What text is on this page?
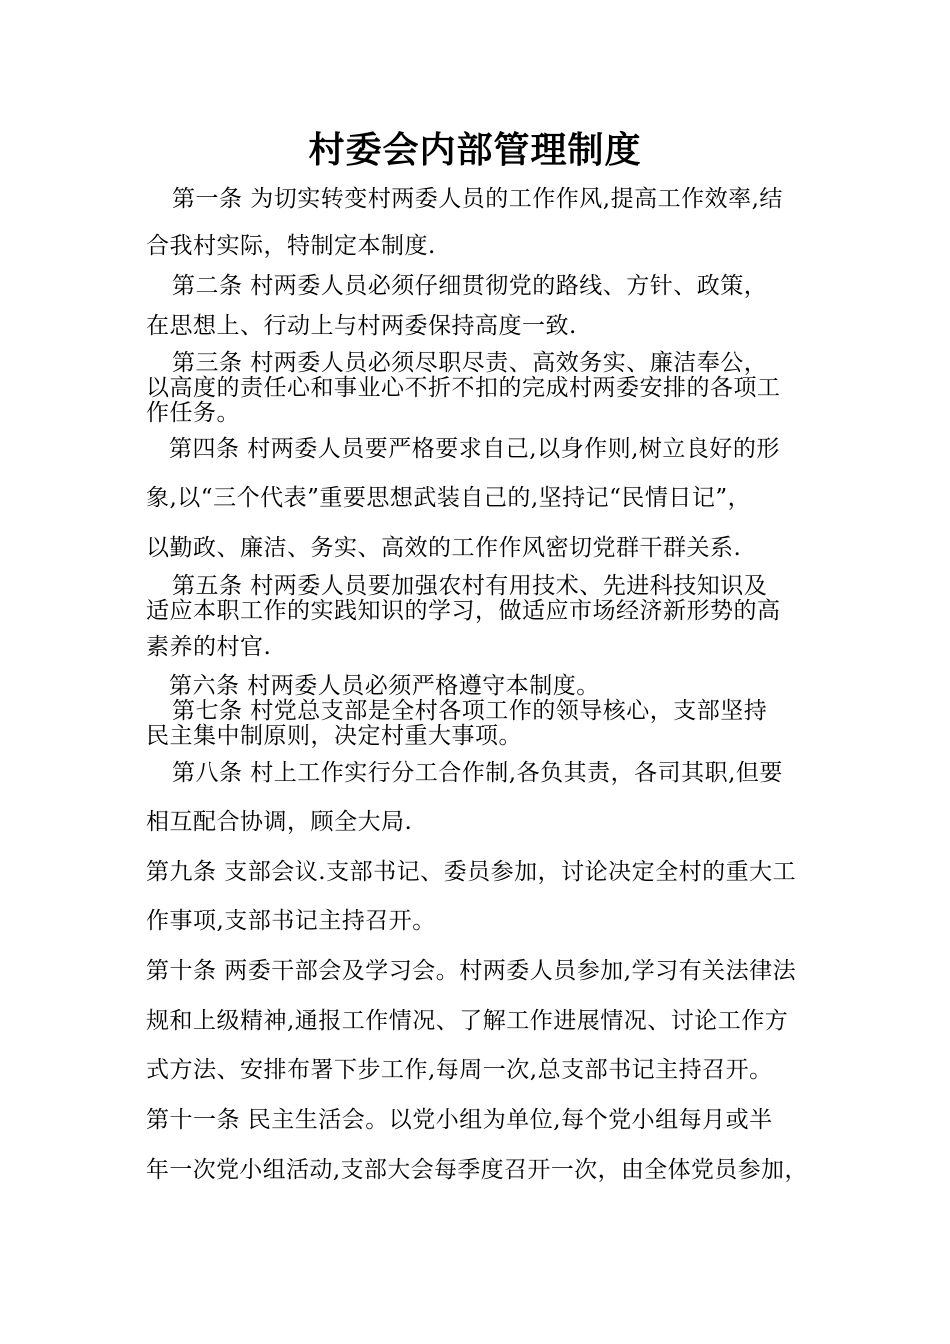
村委会内部管理制度
第一条 为切实转变村两委人员的工作作风,提高工作效率,结
合我村实际，特制定本制度.
第二条 村两委人员必须仔细贯彻党的路线、方针、政策，
在思想上、行动上与村两委保持高度一致.
第三条 村两委人员必须尽职尽责、高效务实、廉洁奉公，
以高度的责任心和事业心不折不扣的完成村两委安排的各项工
作任务。
第四条 村两委人员要严格要求自己,以身作则,树立良好的形
象,以“三个代表”重要思想武装自己的,坚持记“民情日记”，
以勤政、廉洁、务实、高效的工作作风密切党群干群关系.
第五条 村两委人员要加强农村有用技术、先进科技知识及
适应本职工作的实践知识的学习，做适应市场经济新形势的高
素养的村官.
第六条 村两委人员必须严格遵守本制度。
第七条 村党总支部是全村各项工作的领导核心，支部坚持
民主集中制原则，决定村重大事项。
第八条 村上工作实行分工合作制,各负其责，各司其职,但要
相互配合协调，顾全大局.
第九条 支部会议.支部书记、委员参加，讨论决定全村的重大工
作事项,支部书记主持召开。
第十条 两委干部会及学习会。村两委人员参加,学习有关法律法
规和上级精神,通报工作情况、了解工作进展情况、讨论工作方
式方法、安排布署下步工作,每周一次,总支部书记主持召开。
第十一条 民主生活会。以党小组为单位,每个党小组每月或半
年一次党小组活动,支部大会每季度召开一次，由全体党员参加，
